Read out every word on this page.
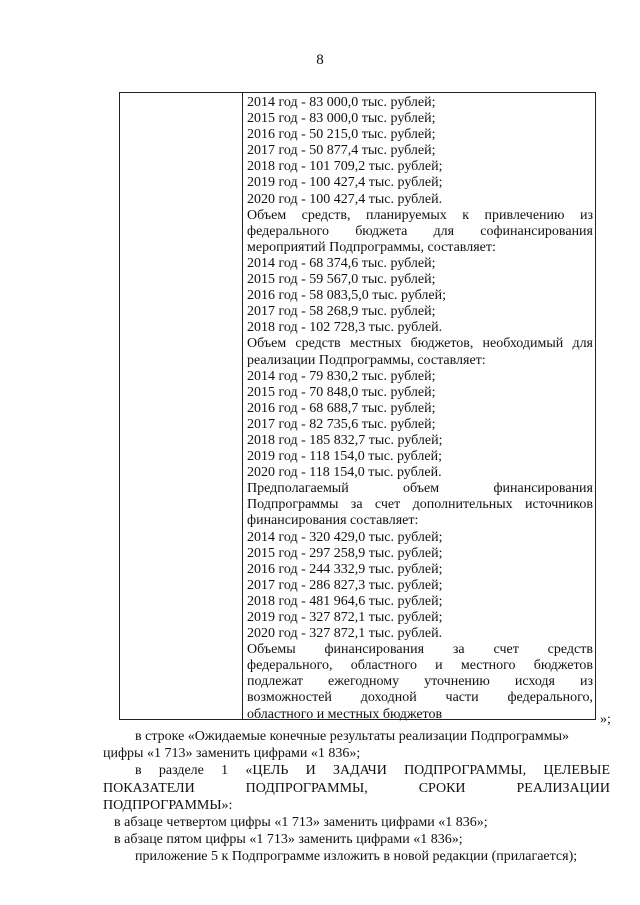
8
2014 год - 83 000,0 тыс. рублей;
2015 год - 83 000,0 тыс. рублей;
2016 год - 50 215,0 тыс. рублей;
2017 год - 50 877,4 тыс. рублей;
2018 год - 101 709,2 тыс. рублей;
2019 год - 100 427,4 тыс. рублей;
2020 год - 100 427,4 тыс. рублей.
Объем средств, планируемых к привлечению из
федерального бюджета для софинансирования
мероприятий Подпрограммы, составляет:
2014 год - 68 374,6 тыс. рублей;
2015 год - 59 567,0 тыс. рублей;
2016 год - 58 083,5,0 тыс. рублей;
2017 год - 58 268,9 тыс. рублей;
2018 год - 102 728,3 тыс. рублей.
Объем средств местных бюджетов, необходимый для
реализации Подпрограммы, составляет:
2014 год - 79 830,2 тыс. рублей;
2015 год - 70 848,0 тыс. рублей;
2016 год - 68 688,7 тыс. рублей;
2017 год - 82 735,6 тыс. рублей;
2018 год - 185 832,7 тыс. рублей;
2019 год - 118 154,0 тыс. рублей;
2020 год - 118 154,0 тыс. рублей.
Предполагаемый объем финансирования
Подпрограммы за счет дополнительных источников
финансирования составляет:
2014 год - 320 429,0 тыс. рублей;
2015 год - 297 258,9 тыс. рублей;
2016 год - 244 332,9 тыс. рублей;
2017 год - 286 827,3 тыс. рублей;
2018 год - 481 964,6 тыс. рублей;
2019 год - 327 872,1 тыс. рублей;
2020 год - 327 872,1 тыс. рублей.
Объемы финансирования за счет средств
федерального, областного и местного бюджетов
подлежат ежегодному уточнению исходя из
возможностей доходной части федерального,
областного и местных бюджетов	»;
в строке «Ожидаемые конечные результаты реализации Подпрограммы»
цифры «1 713» заменить цифрами «1 836»;
в разделе 1 «ЦЕЛЬ И ЗАДАЧИ ПОДПРОГРАММЫ, ЦЕЛЕВЫЕ
ПОКАЗАТЕЛИ ПОДПРОГРАММЫ, СРОКИ РЕАЛИЗАЦИИ
ПОДПРОГРАММЫ»:
в абзаце четвертом цифры «1 713» заменить цифрами «1 836»;
в абзаце пятом цифры «1 713» заменить цифрами «1 836»;
приложение 5 к Подпрограмме изложить в новой редакции (прилагается);
